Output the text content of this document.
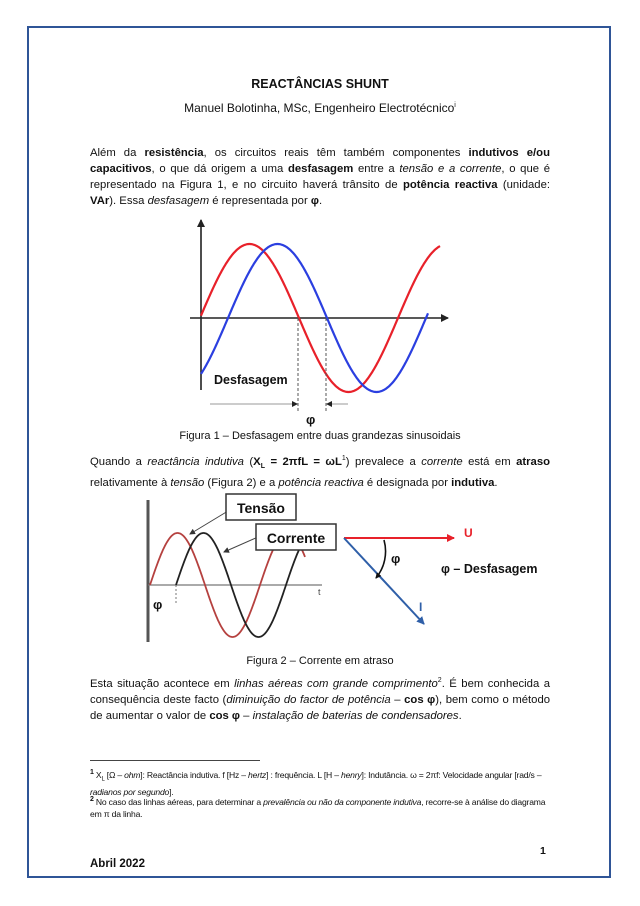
REACTÂNCIAS SHUNT
Manuel Bolotinha, MSc, Engenheiro Electrotécnico$^i$
Além da resistência, os circuitos reais têm também componentes indutivos e/ou capacitivos, o que dá origem a uma desfasagem entre a tensão e a corrente, o que é representado na Figura 1, e no circuito haverá trânsito de potência reactiva (unidade: VAr). Essa desfasagem é representada por φ.
Desfasagem
φ
Figura 1 – Desfasagem entre duas grandezas sinusoidais
Quando a reactância indutiva $(X_L = 2\pi fL = \omega L^1)$ prevalece a corrente está em atraso relativamente à tensão (Figura 2) e a potência reactiva é designada por indutiva.
φ
t
Tensão
Corrente	U
I
φ
φ – Desfasagem
Figura 2 – Corrente em atraso
Esta situação acontece em linhas aéreas com grande comprimento$^2$. É bem conhecida a consequência deste facto (diminuição do factor de potência – cos φ), bem como o método de aumentar o valor de cos φ – instalação de baterias de condensadores.
$^1$ $X_L$ [Ω – ohm]: Reactância indutiva. f [Hz – hertz] : frequência. L [H – henry]: Indutância. ω = 2πf: Velocidade angular [rad/s – radianos por segundo].
$^2$ No caso das linhas aéreas, para determinar a prevalência ou não da componente indutiva, recorre-se à análise do diagrama em π da linha.
1
Abril 2022
